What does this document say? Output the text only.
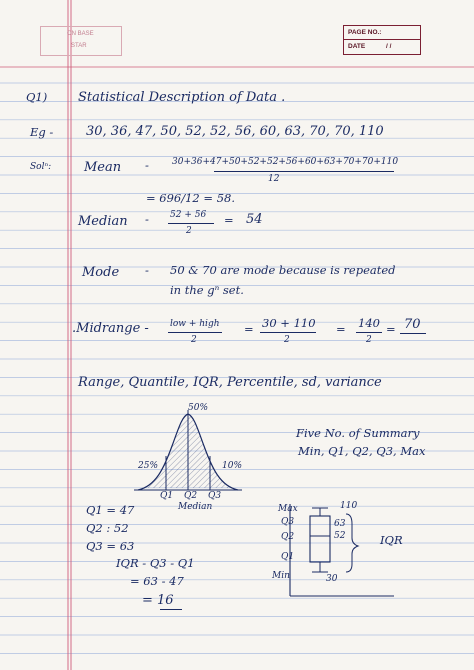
ON BASE
STAR
PAGE NO.:
DATE	/ /
Q1) Statistical Description of Data .
Eg -	30, 36, 47, 50, 52, 52, 56, 60, 63, 70, 70, 110
Solⁿ:	Mean -	30+36+47+50+52+52+56+60+63+70+70+110
12
= 696/12 = 58.
Median - 52 + 56
2
= 54
Mode - 50 & 70 are mode because is repeated
in the gⁿ set.
.Midrange - low + high
2
= 30 + 110
2
= 140
2
= 70
Range, Quantile, IQR, Percentile, sd, variance
50%
25%	10%
Q1 Q2 Q3
Median
Five No. of Summary
Min, Q1, Q2, Q3, Max
Q1 = 47
Q2 : 52
Q3 = 63
IQR - Q3 - Q1
= 63 - 47
= 16
Max
Q3
Q2
Q1
Min
110
63
52
30
IQR
